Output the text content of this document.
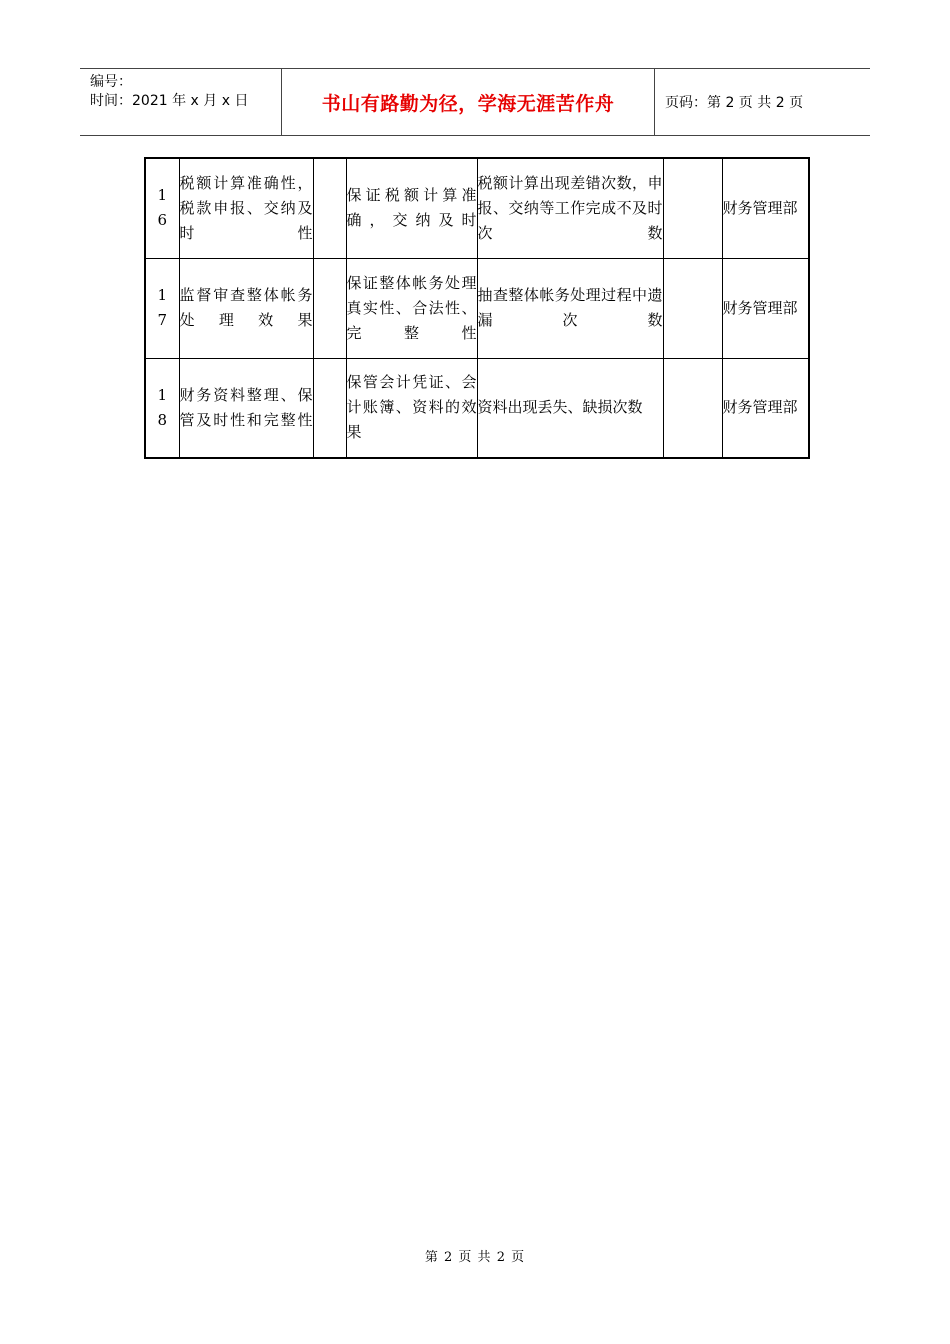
编号：
时间：2021 年 x 月 x 日	书山有路勤为径，学海无涯苦作舟	页码：第 2 页 共 2 页
16	税额计算准确性，税款申报、交纳及时性		保证税额计算准确，交纳及时	税额计算出现差错次数，申报、交纳等工作完成不及时次数		财务管理部

17	监督审查整体帐务处理效果		保证整体帐务处理真实性、合法性、完整性	抽查整体帐务处理过程中遗漏次数		财务管理部

18	财务资料整理、保管及时性和完整性		保管会计凭证、会计账簿、资料的效果	资料出现丢失、缺损次数		财务管理部
第 2 页 共 2 页
